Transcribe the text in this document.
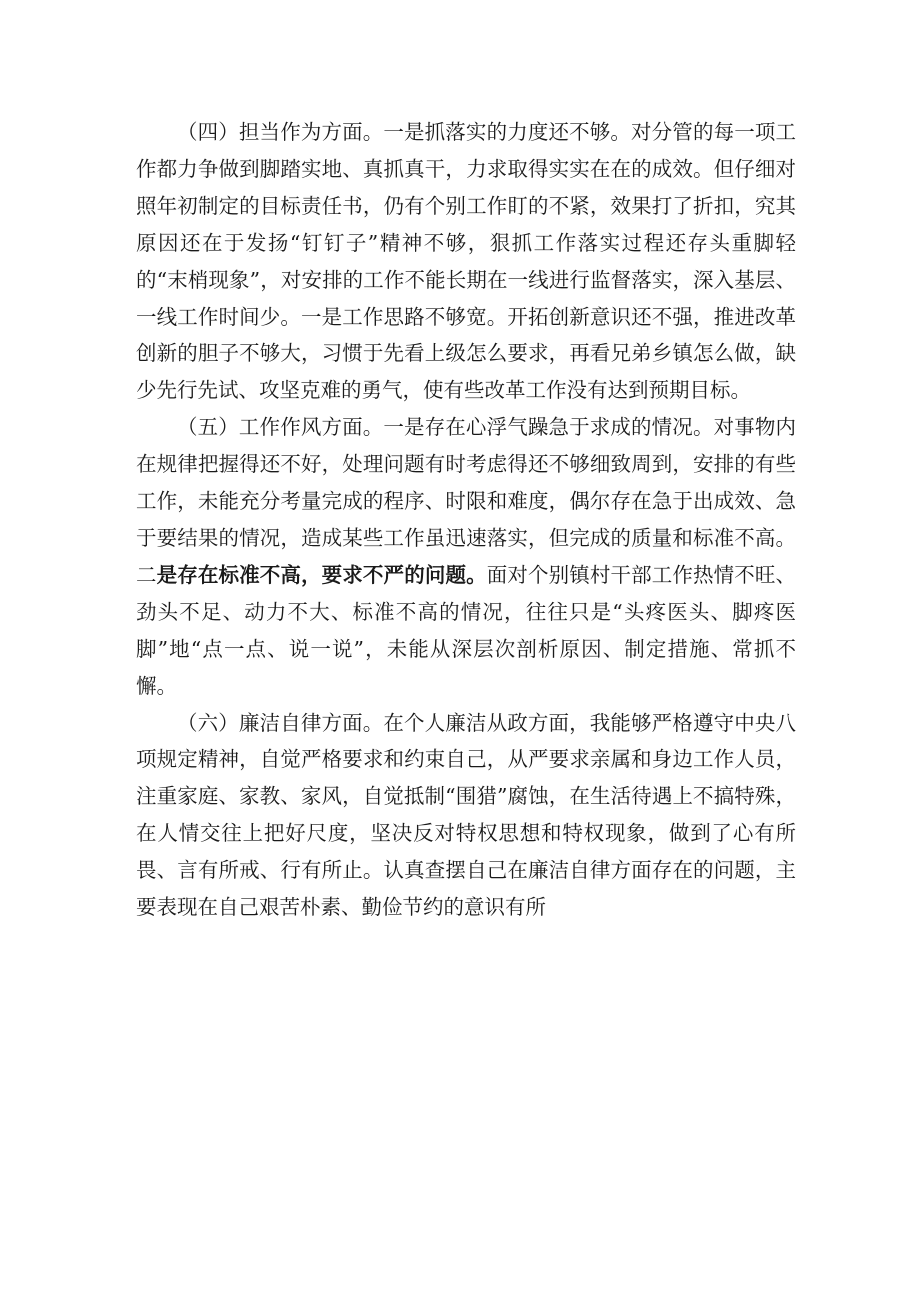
（四）担当作为方面。一是抓落实的力度还不够。对分管的每一项工作都力争做到脚踏实地、真抓真干，力求取得实实在在的成效。但仔细对照年初制定的目标责任书，仍有个别工作盯的不紧，效果打了折扣，究其原因还在于发扬“钉钉子”精神不够，狠抓工作落实过程还存头重脚轻的“末梢现象”，对安排的工作不能长期在一线进行监督落实，深入基层、一线工作时间少。一是工作思路不够宽。开拓创新意识还不强，推进改革创新的胆子不够大，习惯于先看上级怎么要求，再看兄弟乡镇怎么做，缺少先行先试、攻坚克难的勇气，使有些改革工作没有达到预期目标。

（五）工作作风方面。一是存在心浮气躁急于求成的情况。对事物内在规律把握得还不好，处理问题有时考虑得还不够细致周到，安排的有些工作，未能充分考量完成的程序、时限和难度，偶尔存在急于出成效、急于要结果的情况，造成某些工作虽迅速落实，但完成的质量和标准不高。二是存在标准不高，要求不严的问题。面对个别镇村干部工作热情不旺、劲头不足、动力不大、标准不高的情况，往往只是“头疼医头、脚疼医脚”地“点一点、说一说”，未能从深层次剖析原因、制定措施、常抓不懈。

（六）廉洁自律方面。在个人廉洁从政方面，我能够严格遵守中央八项规定精神，自觉严格要求和约束自己，从严要求亲属和身边工作人员，注重家庭、家教、家风，自觉抵制“围猎”腐蚀，在生活待遇上不搞特殊，在人情交往上把好尺度，坚决反对特权思想和特权现象，做到了心有所畏、言有所戒、行有所止。认真查摆自己在廉洁自律方面存在的问题，主要表现在自己艰苦朴素、勤俭节约的意识有所
